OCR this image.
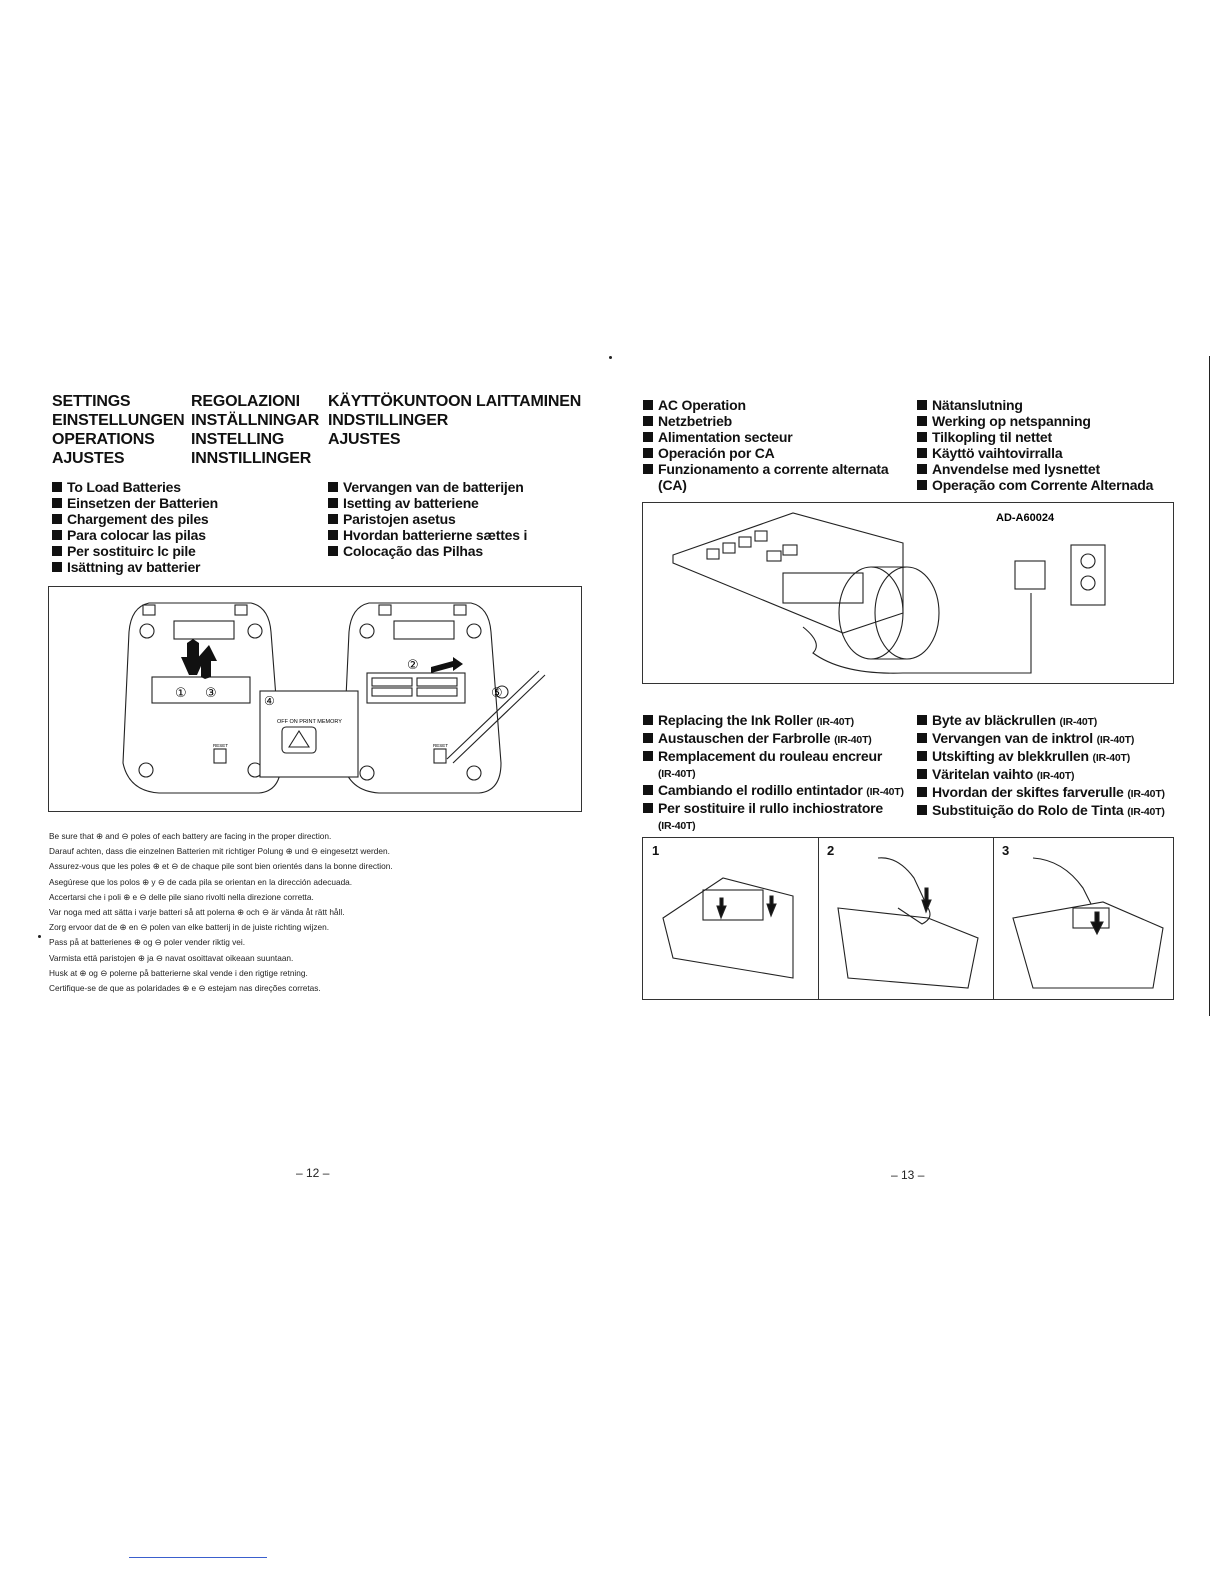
SETTINGS
EINSTELLUNGEN
OPERATIONS
AJUSTES
REGOLAZIONI
INSTÄLLNINGAR
INSTELLING
INNSTILLINGER
KÄYTTÖKUNTOON LAITTAMINEN
INDSTILLINGER
AJUSTES
To Load Batteries
Einsetzen der Batterien
Chargement des piles
Para colocar las pilas
Per sostituirc lc pile
Isättning av batterier
Vervangen van de batterijen
Isetting av batteriene
Paristojen asetus
Hvordan batterierne sættes i
Colocação das Pilhas
① ③
②
④	⑤
OFF ON PRINT MEMORY
RESET	RESET
Be sure that ⊕ and ⊖ poles of each battery are facing in the proper direction.
Darauf achten, dass die einzelnen Batterien mit richtiger Polung ⊕ und ⊖ eingesetzt werden.
Assurez-vous que les poles ⊕ et ⊖ de chaque pile sont bien orientés dans la bonne direction.
Asegúrese que los polos ⊕ y ⊖ de cada pila se orientan en la dirección adecuada.
Accertarsi che i poli ⊕ e ⊖ delle pile siano rivolti nella direzione corretta.
Var noga med att sätta i varje batteri så att polerna ⊕ och ⊖ är vända åt rätt håll.
Zorg ervoor dat de ⊕ en ⊖ polen van elke batterij in de juiste richting wijzen.
Pass på at batterienes ⊕ og ⊖ poler vender riktig vei.
Varmista että paristojen ⊕ ja ⊖ navat osoittavat oikeaan suuntaan.
Husk at ⊕ og ⊖ polerne på batterierne skal vende i den rigtige retning.
Certifique-se de que as polaridades ⊕ e ⊖ estejam nas direções corretas.
– 12 –
AC Operation
Netzbetrieb
Alimentation secteur
Operación por CA
Funzionamento a corrente alternata
(CA)
Nätanslutning
Werking op netspanning
Tilkopling til nettet
Käyttö vaihtovirralla
Anvendelse med lysnettet
Operação com Corrente Alternada
AD-A60024
Replacing the Ink Roller (IR-40T)
Austauschen der Farbrolle (IR-40T)
Remplacement du rouleau encreur
(IR-40T)
Cambiando el rodillo entintador (IR-40T)
Per sostituire il rullo inchiostratore
(IR-40T)
Byte av bläckrullen (IR-40T)
Vervangen van de inktrol (IR-40T)
Utskifting av blekkrullen (IR-40T)
Väritelan vaihto (IR-40T)
Hvordan der skiftes farverulle (IR-40T)
Substituição do Rolo de Tinta (IR-40T)
1	2	3
– 13 –
